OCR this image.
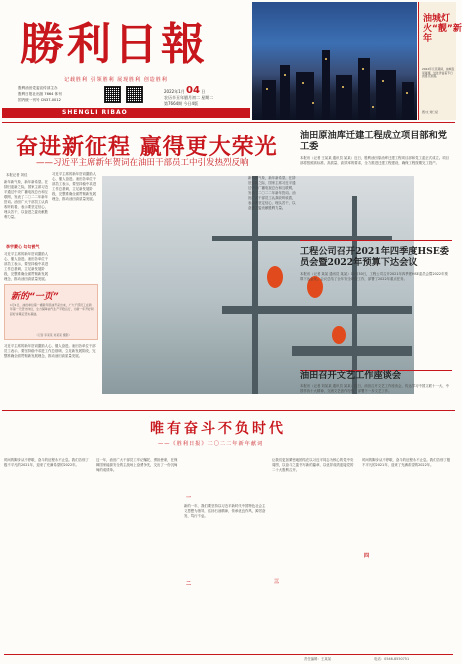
勝利日報
记载胜利 引领胜利 展现胜利 创造胜利
胜利油田党委宣传部主办
胜利日报社出版 7664 休刊
国内统一刊号 CN37-0012
2022年1月 04 日
农历辛丑年腊月初二 星期二
第7664期 今日4版
SHENGLI RIBAO
油城灯火“靓”新年
2022年元旦期间，油城夜景璀璨，处处洋溢着节日的喜庆氛围。
图/文 刘仁斌
奋进新征程 赢得更大荣光
——习近平主席新年贺词在油田干部员工中引发热烈反响
本报记者 刘佳
新年新气象，新年新希望。在辞旧迎新之际，国家主席习近平通过中央广播电视总台和互联网，发表了二〇二二年新年贺词。油田广大干部员工认真收听收看，表示要坚定信心、埋头苦干，以奋进之姿贡献胜利力量。
李宇蒙心 勾勾被气
习近平主席的新年贺词激励人心、催人奋进。油田各单位干部员工表示，要坚持稳中求进工作总基调，立足新发展阶段，完整准确全面贯彻新发展理念，推动油田高质量发展。
习近平主席的新年贺词激励人心、催人奋进。油田各单位干部员工表示，要坚持稳中求进工作总基调，立足新发展阶段，完整准确全面贯彻新发展理念，推动油田高质量发展。
新的“一页”
1月1日，油田单位第一桶新年原油开采出来，广大干部员工在新年第一天坚守岗位，全力保障油气生产平稳运行，为新一年开好局起好步奠定坚实基础。
（记者 李某某 刘某某 摄影）
油田原油库迁建工程成立项目部和党工委
本报讯（记者 王某某 通讯员 某某）近日，胜利油田原油库迁建工程项目部和党工委正式成立。项目部将按照高标准、高质量、高效率的要求，全力推进迁建工程建设，确保工程按期完工投产。
新年新气象，新年新希望。在辞旧迎新之际，国家主席习近平通过中央广播电视总台和互联网，发表了二〇二二年新年贺词。油田广大干部员工认真收听收看，表示要坚定信心、埋头苦干，以奋进之姿贡献胜利力量。
工程公司召开2021年四季度HSE委员会暨2022年预算下达会议
本报讯（记者 某某 通讯员 某某）12月30日，工程公司召开2021年四季度HSE委员会暨2022年预算下达会议。会议总结了全年安全环保工作，部署了2022年重点任务。
油田召开文艺工作座谈会
本报讯（记者 刘某某 通讯员 某某）近日，油田召开文艺工作座谈会，传达学习中国文联十一大、中国作协十大精神，交流文艺创作经验，部署下一步文艺工作。
习近平主席的新年贺词激励人心、催人奋进。油田各单位干部员工表示，要坚持稳中求进工作总基调，立足新发展阶段，完整准确全面贯彻新发展理念，推动油田高质量发展。
唯有奋斗不负时代
——《胜利日报》二〇二二年新年献词
时间的脚步从不停歇，奋斗的征程永不止息。我们告别了极不平凡的2021年，迎来了充满希望的2022年。
这一年，油田广大干部员工牢记嘱托、勇担使命，在保障国家能源安全的主战场上奋勇争先，交出了一份沉甸甸的成绩单。
一
新的一年，我们要坚持以习近平新时代中国特色社会主义思想为指导，弘扬石油精神，传承优良作风，踔厉奋发、笃行不怠。
三
让我们更加紧密地团结在以习近平同志为核心的党中央周围，以奋斗之姿书写新的篇章，以优异成绩迎接党的二十大胜利召开。
四
时间的脚步从不停歇，奋斗的征程永不止息。我们告别了极不平凡的2021年，迎来了充满希望的2022年。
二
责任编辑：王某某	电话：0546-8550751
